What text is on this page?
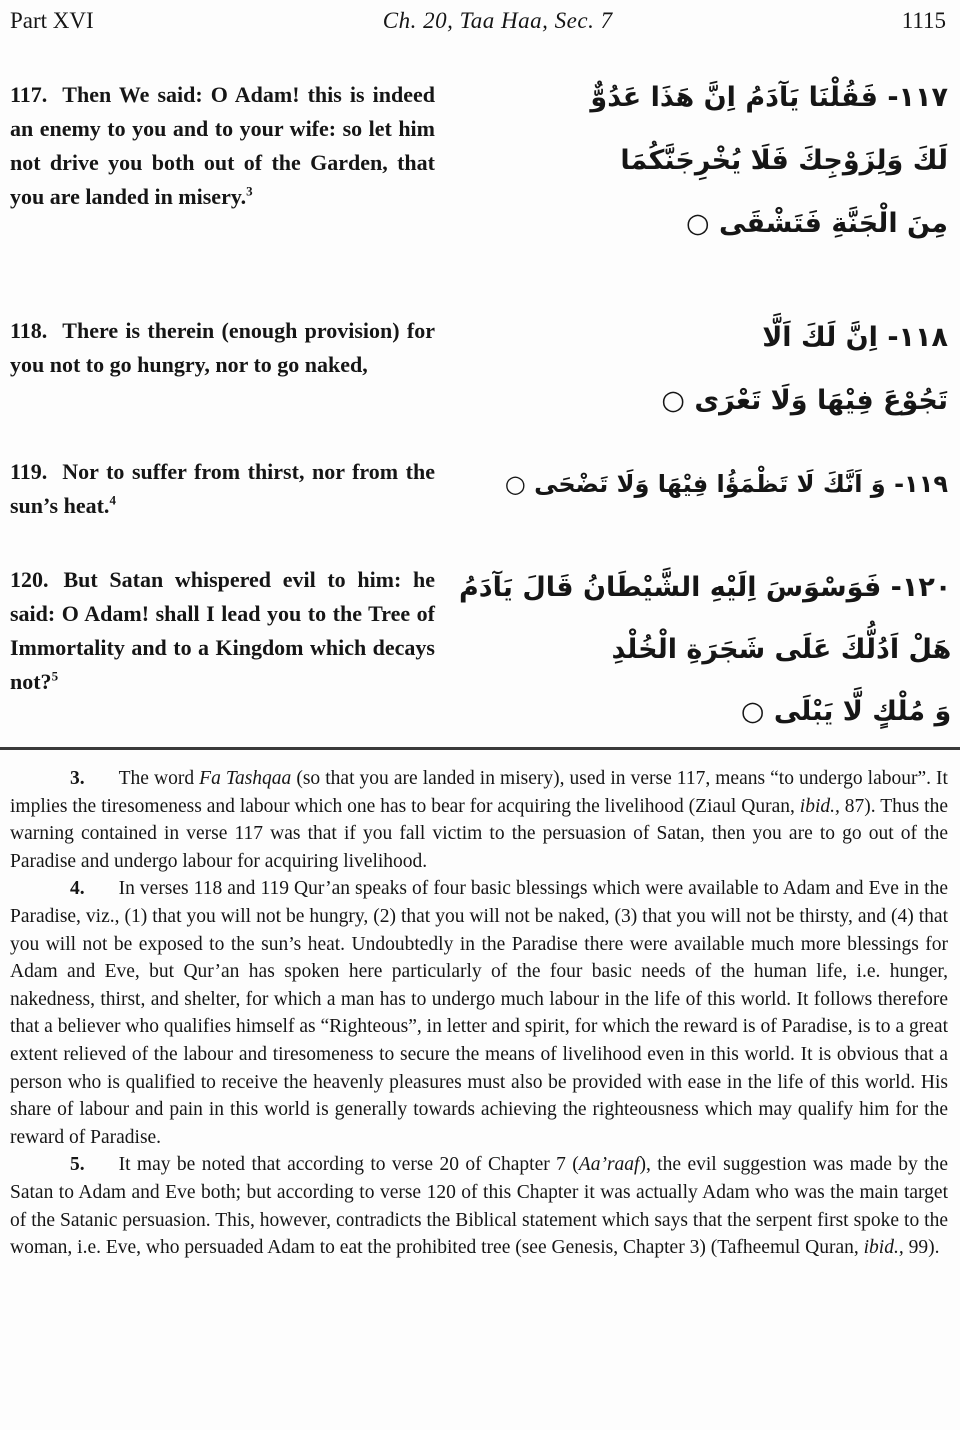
Part XVI	Ch. 20, Taa Haa, Sec. 7	1115

117. Then We said: O Adam! this is indeed an enemy to you and to your wife: so let him not drive you both out of the Garden, that you are landed in misery.$^3$

١١٧- فَقُلْنَا يَآدَمُ اِنَّ هَذَا عَدُوٌّ
لَكَ وَلِزَوْجِكَ فَلَا يُخْرِجَنَّكُمَا
مِنَ الْجَنَّةِ فَتَشْقَى ○

118. There is therein (enough provision) for you not to go hungry, nor to go naked,

١١٨- اِنَّ لَكَ اَلَّا
تَجُوْعَ فِيْهَا وَلَا تَعْرَى ○

119. Nor to suffer from thirst, nor from the sun’s heat.$^4$

١١٩- وَ اَنَّكَ لَا تَظْمَؤُا فِيْهَا وَلَا تَضْحَى ○

120. But Satan whispered evil to him: he said: O Adam! shall I lead you to the Tree of Immortality and to a Kingdom which decays not?$^5$

١٢٠- فَوَسْوَسَ اِلَيْهِ الشَّيْطَانُ قَالَ يَآدَمُ
هَلْ اَدُلُّكَ عَلَى شَجَرَةِ الْخُلْدِ
وَ مُلْكٍ لَّا يَبْلَى ○

3. The word Fa Tashqaa (so that you are landed in misery), used in verse 117, means “to undergo labour”. It implies the tiresomeness and labour which one has to bear for acquiring the livelihood (Ziaul Quran, ibid., 87). Thus the warning contained in verse 117 was that if you fall victim to the persuasion of Satan, then you are to go out of the Paradise and undergo labour for acquiring livelihood.

4. In verses 118 and 119 Qur’an speaks of four basic blessings which were available to Adam and Eve in the Paradise, viz., (1) that you will not be hungry, (2) that you will not be naked, (3) that you will not be thirsty, and (4) that you will not be exposed to the sun’s heat. Undoubtedly in the Paradise there were available much more blessings for Adam and Eve, but Qur’an has spoken here particularly of the four basic needs of the human life, i.e. hunger, nakedness, thirst, and shelter, for which a man has to undergo much labour in the life of this world. It follows therefore that a believer who qualifies himself as “Righteous”, in letter and spirit, for which the reward is of Paradise, is to a great extent relieved of the labour and tiresomeness to secure the means of livelihood even in this world. It is obvious that a person who is qualified to receive the heavenly pleasures must also be provided with ease in the life of this world. His share of labour and pain in this world is generally towards achieving the righteousness which may qualify him for the reward of Paradise.

5. It may be noted that according to verse 20 of Chapter 7 (Aa’raaf), the evil suggestion was made by the Satan to Adam and Eve both; but according to verse 120 of this Chapter it was actually Adam who was the main target of the Satanic persuasion. This, however, contradicts the Biblical statement which says that the serpent first spoke to the woman, i.e. Eve, who persuaded Adam to eat the prohibited tree (see Genesis, Chapter 3) (Tafheemul Quran, ibid., 99).
